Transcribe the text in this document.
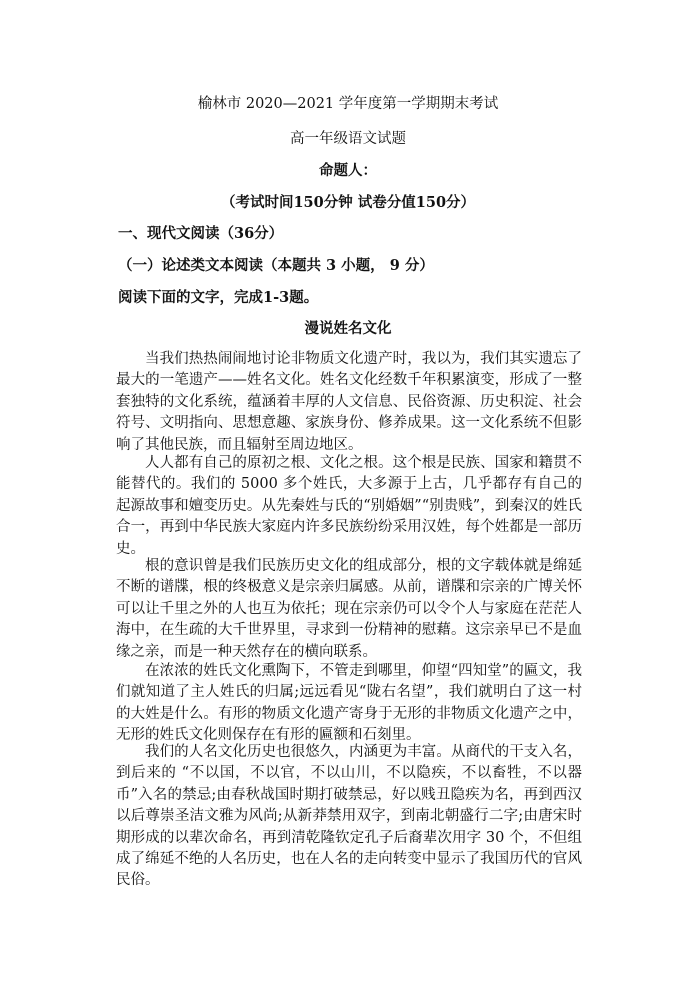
榆林市 2020—2021 学年度第一学期期末考试
高一年级语文试题
命题人：
（考试时间150分钟 试卷分值150分）
一、现代文阅读（36分）
（一）论述类文本阅读（本题共 3 小题， 9 分）
阅读下面的文字，完成1-3题。
漫说姓名文化
当我们热热闹闹地讨论非物质文化遗产时，我以为，我们其实遗忘了最大的一笔遗产——姓名文化。姓名文化经数千年积累演变，形成了一整套独特的文化系统，蕴涵着丰厚的人文信息、民俗资源、历史积淀、社会符号、文明指向、思想意趣、家族身份、修养成果。这一文化系统不但影响了其他民族，而且辐射至周边地区。
人人都有自己的原初之根、文化之根。这个根是民族、国家和籍贯不能替代的。我们的 5000 多个姓氏，大多源于上古，几乎都存有自己的起源故事和嬗变历史。从先秦姓与氏的“别婚姻”“别贵贱”，到秦汉的姓氏合一，再到中华民族大家庭内许多民族纷纷采用汉姓，每个姓都是一部历史。
根的意识曾是我们民族历史文化的组成部分，根的文字载体就是绵延不断的谱牒，根的终极意义是宗亲归属感。从前，谱牒和宗亲的广博关怀可以让千里之外的人也互为依托；现在宗亲仍可以令个人与家庭在茫茫人海中，在生疏的大千世界里，寻求到一份精神的慰藉。这宗亲早已不是血缘之亲，而是一种天然存在的横向联系。
在浓浓的姓氏文化熏陶下，不管走到哪里，仰望“四知堂”的匾文，我们就知道了主人姓氏的归属;远远看见“陇右名望”，我们就明白了这一村的大姓是什么。有形的物质文化遗产寄身于无形的非物质文化遗产之中，无形的姓氏文化则保存在有形的匾额和石刻里。
我们的人名文化历史也很悠久，内涵更为丰富。从商代的干支入名，到后来的 “不以国，不以官，不以山川，不以隐疾，不以畜牲，不以器币”入名的禁忌;由春秋战国时期打破禁忌，好以贱丑隐疾为名，再到西汉以后尊崇圣洁文雅为风尚;从新莽禁用双字，到南北朝盛行二字;由唐宋时期形成的以辈次命名，再到清乾隆钦定孔子后裔辈次用字 30 个，不但组成了绵延不绝的人名历史，也在人名的走向转变中显示了我国历代的官风民俗。
